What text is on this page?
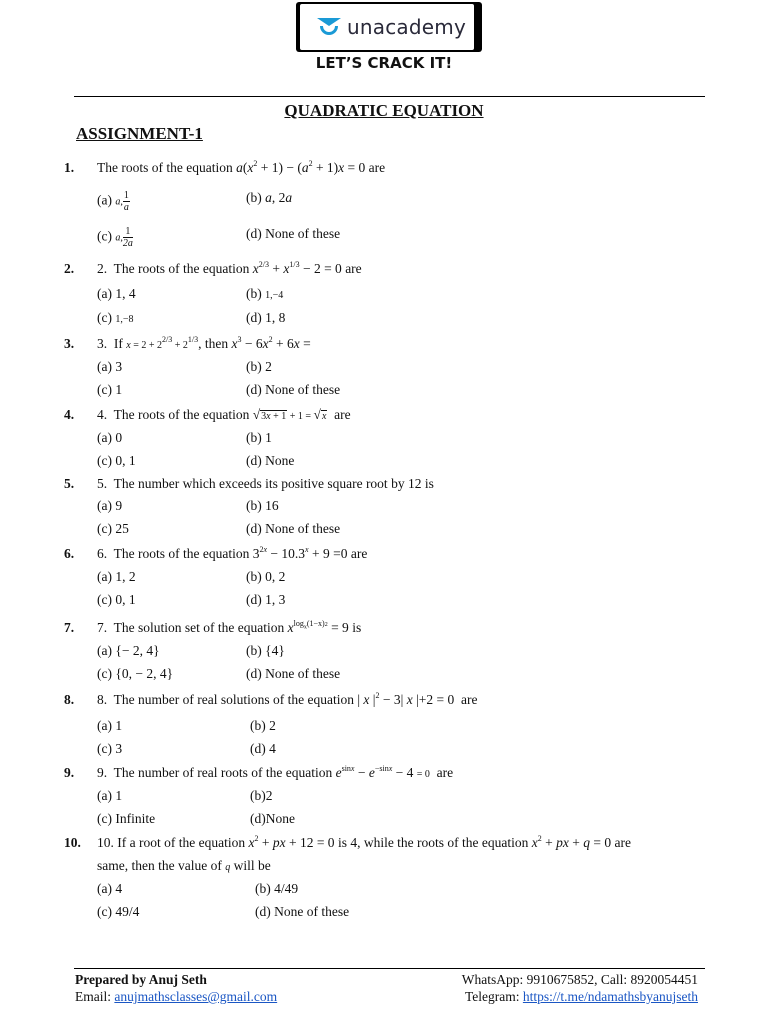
unacademy
LET’S CRACK IT!
QUADRATIC EQUATION
ASSIGNMENT-1
1. The roots of the equation $a(x^2 + 1) - (a^2 + 1)x = 0$ are
(a) a, $\frac{1}{a}$	(b) a, 2a
(c) a, $\frac{1}{2a}$	(d) None of these
2. 2. The roots of the equation $x^{2/3} + x^{1/3} - 2 = 0$ are
(a) 1, 4	(b) 1,−4
(c) 1,−8	(d) 1, 8
3. 3. If $x = 2 + 2^{2/3} + 2^{1/3}$, then $x^3 - 6x^2 + 6x$ =
(a) 3	(b) 2
(c) 1	(d) None of these
4. 4. The roots of the equation √3x + 1 + 1 = √x are
(a) 0	(b) 1
(c) 0, 1	(d) None
5. 5. The number which exceeds its positive square root by 12 is
(a) 9	(b) 16
(c) 25	(d) None of these
6. 6. The roots of the equation $3^{2x} - 10.3^x + 9 =0$ are
(a) 1, 2	(b) 0, 2
(c) 0, 1	(d) 1, 3
7. 7. The solution set of the equation $x^{log_x(1-x)2} = 9$ is
(a) {− 2, 4}	(b) {4}
(c) {0, − 2, 4}	(d) None of these
8. 8. The number of real solutions of the equation | x $|^2 - 3|$ x |+2 = 0  are
(a) 1	(b) 2
(c) 3	(d) 4
9. 9. The number of real roots of the equation $e^{sinx} - e^{-sinx} - 4 = 0$ are
(a) 1	(b)2
(c) Infinite	(d)None
10. 10. If a root of the equation $x^2$ + px + 12 = 0 is 4, while the roots of the equation $x^2$ + px + q = 0 are
same, then the value of q will be
(a) 4	(b) 4/49
(c) 49/4	(d) None of these
Prepared by Anuj Seth
Email: anujmathsclasses@gmail.com
WhatsApp: 9910675852, Call: 8920054451
Telegram: https://t.me/ndamathsbyanujseth
